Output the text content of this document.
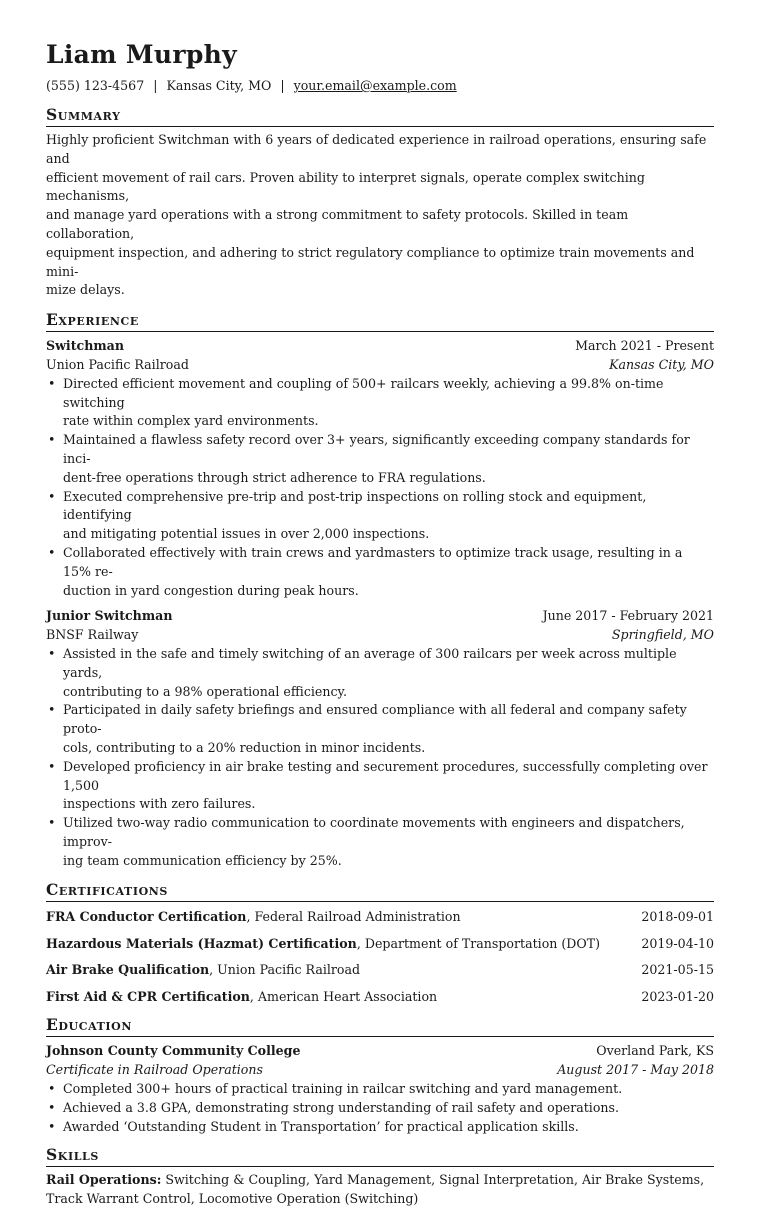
Liam Murphy
(555) 123-4567 | Kansas City, MO | your.email@example.com
Summary
Highly proficient Switchman with 6 years of dedicated experience in railroad operations, ensuring safe and
efficient movement of rail cars. Proven ability to interpret signals, operate complex switching mechanisms,
and manage yard operations with a strong commitment to safety protocols. Skilled in team collaboration,
equipment inspection, and adhering to strict regulatory compliance to optimize train movements and mini-
mize delays.
Experience
Switchman	March 2021 - Present
Union Pacific Railroad	Kansas City, MO
• Directed efficient movement and coupling of 500+ railcars weekly, achieving a 99.8% on-time switching
rate within complex yard environments.
• Maintained a flawless safety record over 3+ years, significantly exceeding company standards for inci-
dent-free operations through strict adherence to FRA regulations.
• Executed comprehensive pre-trip and post-trip inspections on rolling stock and equipment, identifying
and mitigating potential issues in over 2,000 inspections.
• Collaborated effectively with train crews and yardmasters to optimize track usage, resulting in a 15% re-
duction in yard congestion during peak hours.
Junior Switchman	June 2017 - February 2021
BNSF Railway	Springfield, MO
• Assisted in the safe and timely switching of an average of 300 railcars per week across multiple yards,
contributing to a 98% operational efficiency.
• Participated in daily safety briefings and ensured compliance with all federal and company safety proto-
cols, contributing to a 20% reduction in minor incidents.
• Developed proficiency in air brake testing and securement procedures, successfully completing over 1,500
inspections with zero failures.
• Utilized two-way radio communication to coordinate movements with engineers and dispatchers, improv-
ing team communication efficiency by 25%.
Certifications
FRA Conductor Certification, Federal Railroad Administration	2018-09-01
Hazardous Materials (Hazmat) Certification, Department of Transportation (DOT)	2019-04-10
Air Brake Qualification, Union Pacific Railroad	2021-05-15
First Aid & CPR Certification, American Heart Association	2023-01-20
Education
Johnson County Community College	Overland Park, KS
Certificate in Railroad Operations	August 2017 - May 2018
• Completed 300+ hours of practical training in railcar switching and yard management.
• Achieved a 3.8 GPA, demonstrating strong understanding of rail safety and operations.
• Awarded ‘Outstanding Student in Transportation’ for practical application skills.
Skills
Rail Operations: Switching & Coupling, Yard Management, Signal Interpretation, Air Brake Systems,
Track Warrant Control, Locomotive Operation (Switching)
